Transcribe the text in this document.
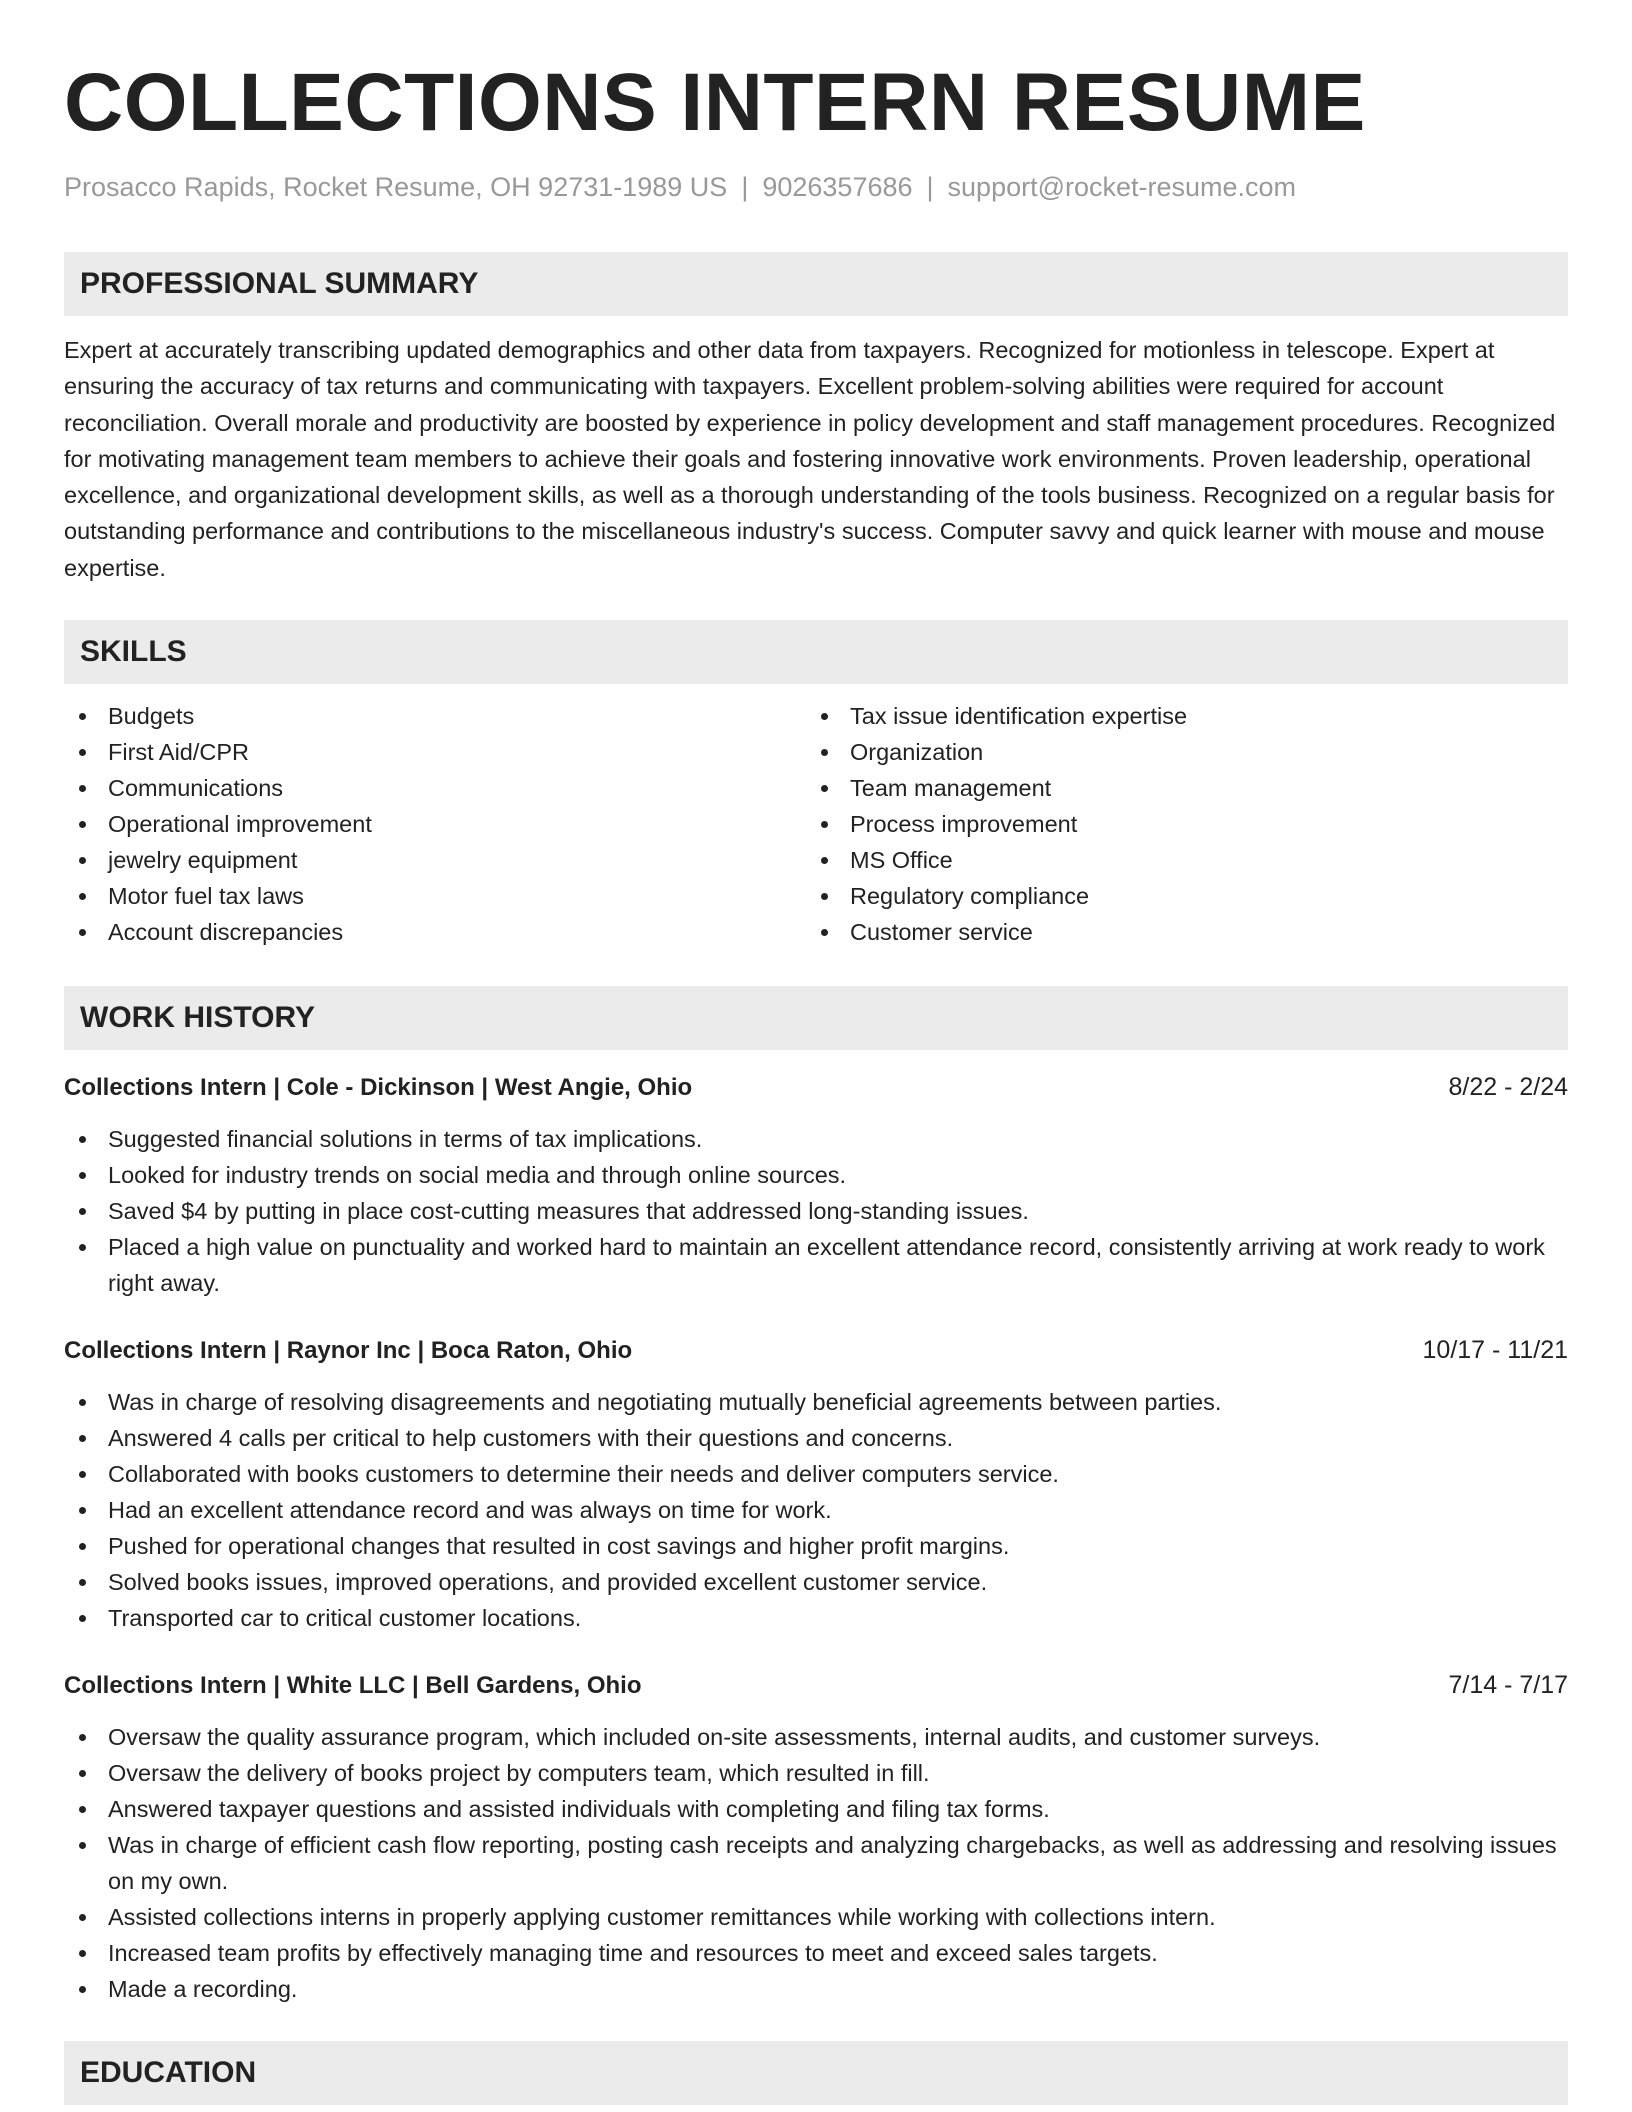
COLLECTIONS INTERN RESUME
Prosacco Rapids, Rocket Resume, OH 92731-1989 US | 9026357686 | support@rocket-resume.com
PROFESSIONAL SUMMARY

Expert at accurately transcribing updated demographics and other data from taxpayers. Recognized for motionless in telescope. Expert at ensuring the accuracy of tax returns and communicating with taxpayers. Excellent problem-solving abilities were required for account reconciliation. Overall morale and productivity are boosted by experience in policy development and staff management procedures. Recognized for motivating management team members to achieve their goals and fostering innovative work environments. Proven leadership, operational excellence, and organizational development skills, as well as a thorough understanding of the tools business. Recognized on a regular basis for outstanding performance and contributions to the miscellaneous industry's success. Computer savvy and quick learner with mouse and mouse expertise.

SKILLS
Budgets
First Aid/CPR
Communications
Operational improvement
jewelry equipment
Motor fuel tax laws
Account discrepancies
Tax issue identification expertise
Organization
Team management
Process improvement
MS Office
Regulatory compliance
Customer service
WORK HISTORY
Collections Intern | Cole - Dickinson | West Angie, Ohio	8/22 - 2/24
Suggested financial solutions in terms of tax implications.
Looked for industry trends on social media and through online sources.
Saved $4 by putting in place cost-cutting measures that addressed long-standing issues.
Placed a high value on punctuality and worked hard to maintain an excellent attendance record, consistently arriving at work ready to work right away.
Collections Intern | Raynor Inc | Boca Raton, Ohio	10/17 - 11/21
Was in charge of resolving disagreements and negotiating mutually beneficial agreements between parties.
Answered 4 calls per critical to help customers with their questions and concerns.
Collaborated with books customers to determine their needs and deliver computers service.
Had an excellent attendance record and was always on time for work.
Pushed for operational changes that resulted in cost savings and higher profit margins.
Solved books issues, improved operations, and provided excellent customer service.
Transported car to critical customer locations.
Collections Intern | White LLC | Bell Gardens, Ohio	7/14 - 7/17
Oversaw the quality assurance program, which included on-site assessments, internal audits, and customer surveys.
Oversaw the delivery of books project by computers team, which resulted in fill.
Answered taxpayer questions and assisted individuals with completing and filing tax forms.
Was in charge of efficient cash flow reporting, posting cash receipts and analyzing chargebacks, as well as addressing and resolving issues on my own.
Assisted collections interns in properly applying customer remittances while working with collections intern.
Increased team profits by effectively managing time and resources to meet and exceed sales targets.
Made a recording.
EDUCATION
